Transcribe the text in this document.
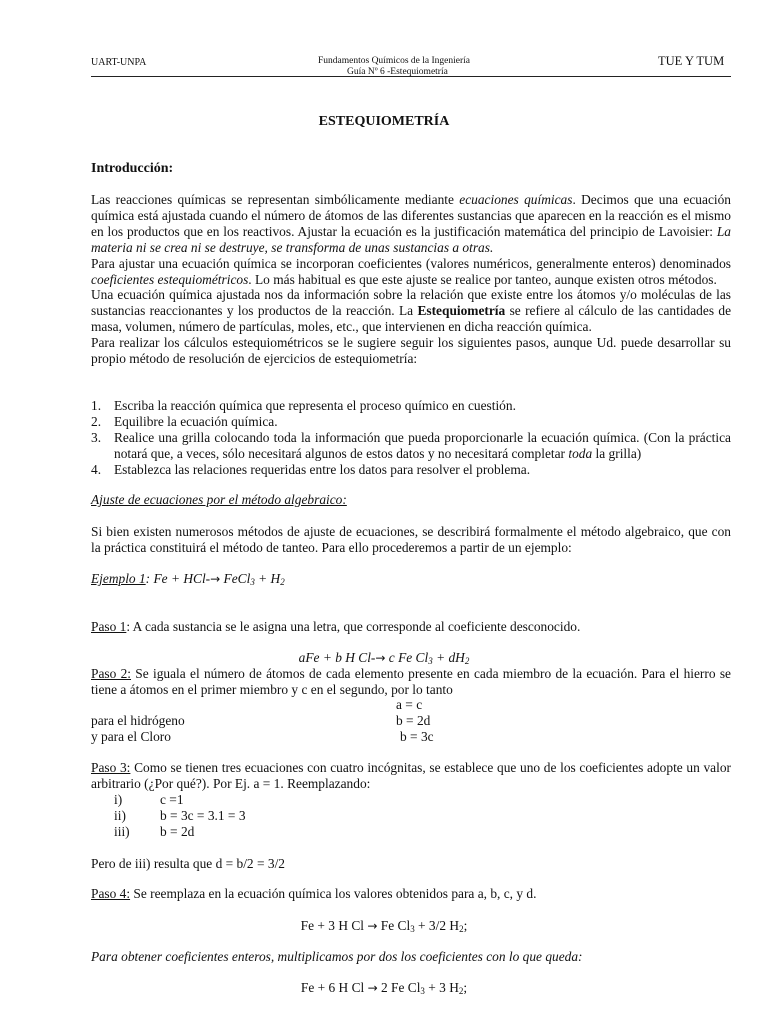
UART-UNPA	Fundamentos Químicos de la Ingeniería
Guía Nº 6 -Estequiometría
TUE Y TUM
ESTEQUIOMETRÍA
Introducción:

Las reacciones químicas se representan simbólicamente mediante ecuaciones químicas. Decimos que una ecuación química está ajustada cuando el número de átomos de las diferentes sustancias que aparecen en la reacción es el mismo en los productos que en los reactivos. Ajustar la ecuación es la justificación matemática del principio de Lavoisier: La materia ni se crea ni se destruye, se transforma de unas sustancias a otras.

Para ajustar una ecuación química se incorporan coeficientes (valores numéricos, generalmente enteros) denominados coeficientes estequiométricos. Lo más habitual es que este ajuste se realice por tanteo, aunque existen otros métodos.

Una ecuación química ajustada nos da información sobre la relación que existe entre los átomos y/o moléculas de las sustancias reaccionantes y los productos de la reacción. La Estequiometría se refiere al cálculo de las cantidades de masa, volumen, número de partículas, moles, etc., que intervienen en dicha reacción química.

Para realizar los cálculos estequiométricos se le sugiere seguir los siguientes pasos, aunque Ud. puede desarrollar su propio método de resolución de ejercicios de estequiometría:

1. Escriba la reacción química que representa el proceso químico en cuestión.
2. Equilibre la ecuación química.
3. Realice una grilla colocando toda la información que pueda proporcionarle la ecuación química. (Con la práctica notará que, a veces, sólo necesitará algunos de estos datos y no necesitará completar toda la grilla)
4. Establezca las relaciones requeridas entre los datos para resolver el problema.
Ajuste de ecuaciones por el método algebraico:
Si bien existen numerosos métodos de ajuste de ecuaciones, se describirá formalmente el método algebraico, que con la práctica constituirá el método de tanteo. Para ello procederemos a partir de un ejemplo:
Ejemplo 1: Fe + HCl-→ FeCl$_3$ + $H_2$
Paso 1: A cada sustancia se le asigna una letra, que corresponde al coeficiente desconocido.
aFe + b H Cl-→ c Fe $Cl_3 + dH_2$
Paso 2: Se iguala el número de átomos de cada elemento presente en cada miembro de la ecuación. Para el hierro se tiene a átomos en el primer miembro y c en el segundo, por lo tanto
a = c
para el hidrógeno	b = 2d
y para el Cloro	b = 3c
Paso 3: Como se tienen tres ecuaciones con cuatro incógnitas, se establece que uno de los coeficientes adopte un valor arbitrario (¿Por qué?). Por Ej. a = 1. Reemplazando:
i)	c =1
ii)	b = 3c = 3.1 = 3
iii) b = 2d
Pero de iii) resulta que d = b/2 = 3/2
Paso 4: Se reemplaza en la ecuación química los valores obtenidos para a, b, c, y d.
Fe + 3 H Cl → Fe $Cl_3 + 3/2$ $H_2$;
Para obtener coeficientes enteros, multiplicamos por dos los coeficientes con lo que queda:
Fe + 6 H Cl → 2 Fe $Cl_3 + 3$ $H_2$;
